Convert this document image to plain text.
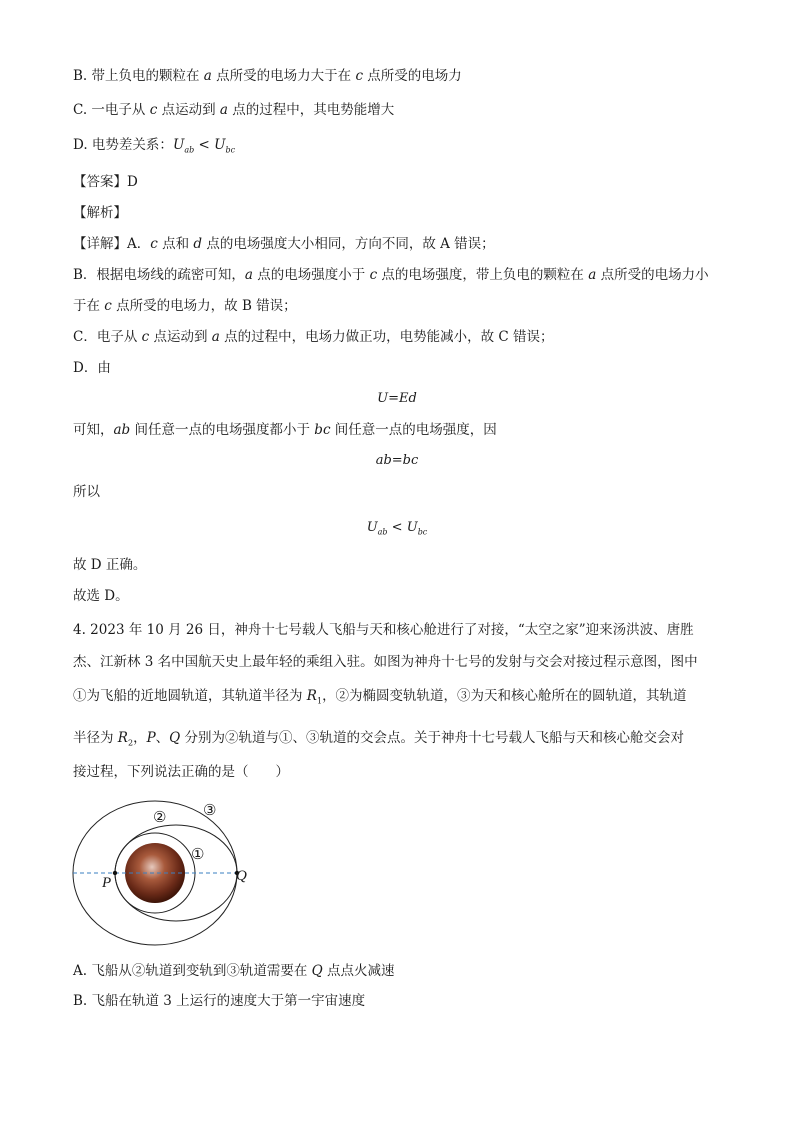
B. 带上负电的颗粒在 a 点所受的电场力大于在 c 点所受的电场力
C. 一电子从 c 点运动到 a 点的过程中，其电势能增大
D. 电势差关系：$U_{ab} < U_{bc}$
【答案】D
【解析】
【详解】A．c 点和 d 点的电场强度大小相同，方向不同，故 A 错误；
B．根据电场线的疏密可知，a 点的电场强度小于 c 点的电场强度，带上负电的颗粒在 a 点所受的电场力小
于在 c 点所受的电场力，故 B 错误；
C．电子从 c 点运动到 a 点的过程中，电场力做正功，电势能减小，故 C 错误；
D．由
U=Ed
可知，ab 间任意一点的电场强度都小于 bc 间任意一点的电场强度，因
ab=bc
所以
$U_{ab} < U_{bc}$
故 D 正确。
故选 D。
4. 2023 年 10 月 26 日，神舟十七号载人飞船与天和核心舱进行了对接，“太空之家”迎来汤洪波、唐胜
杰、江新林 3 名中国航天史上最年轻的乘组入驻。如图为神舟十七号的发射与交会对接过程示意图，图中
①为飞船的近地圆轨道，其轨道半径为 $R_1$，②为椭圆变轨轨道，③为天和核心舱所在的圆轨道，其轨道
半径为 $R_2$，P、Q 分别为②轨道与①、③轨道的交会点。关于神舟十七号载人飞船与天和核心舱交会对
接过程，下列说法正确的是（　　）
③
②
①
P	Q
A. 飞船从②轨道到变轨到③轨道需要在 Q 点点火减速
B. 飞船在轨道 3 上运行的速度大于第一宇宙速度
